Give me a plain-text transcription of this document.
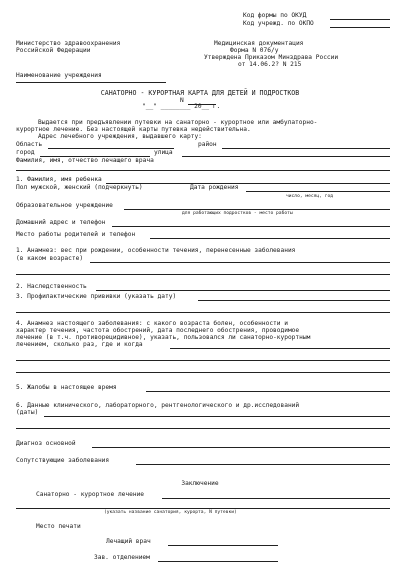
Код формы по ОКУД
Код учрежд. по ОКПО
Министерство здравоохранения
Российской Федерации
Медицинская документация
Форма N 076/у
Утверждена Приказом Минздрава России
от 14.06.2? N 215
Наименование учреждения
САНАТОРНО - КУРОРТНАЯ КАРТА ДЛЯ ДЕТЕЙ И ПОДРОСТКОВ
N
"__" ________ 20__ г.
Выдается при предъявлении путевки на санаторно - курортное или амбулаторно-
курортное лечение. Без настоящей карты путевка недействительна.
Адрес лечебного учреждения, выдавшего карту:
Область	район
город	улица
Фамилия, имя, отчество лечащего врача
1. Фамилия, имя ребенка
Пол мужской, женский (подчеркнуть)	Дата рождения
число, месяц, год
Образовательное учреждение
для работающих подростков - место работы
Домашний адрес и телефон
Место работы родителей и телефон
1. Анамнез: вес при рождении, особенности течения, перенесенные заболевания
(в каком возрасте)
2. Наследственность
3. Профилактические прививки (указать дату)
4. Анамнез настоящего заболевания: с какого возраста болен, особенности и
характер течения, частота обострений, дата последнего обострения, проводимое
лечение (в т.ч. противорецидивное), указать, пользовался ли санаторно-курортным
лечением, сколько раз, где и когда
5. Жалобы в настоящее время
6. Данные клинического, лабораторного, рентгенологического и др.исследований
(даты)
Диагноз основной
Сопутствующие заболевания
Заключение
Санаторно - курортное лечение
(указать название санатория, курорта, N путевки)
Место печати
Лечащий врач
Зав. отделением
